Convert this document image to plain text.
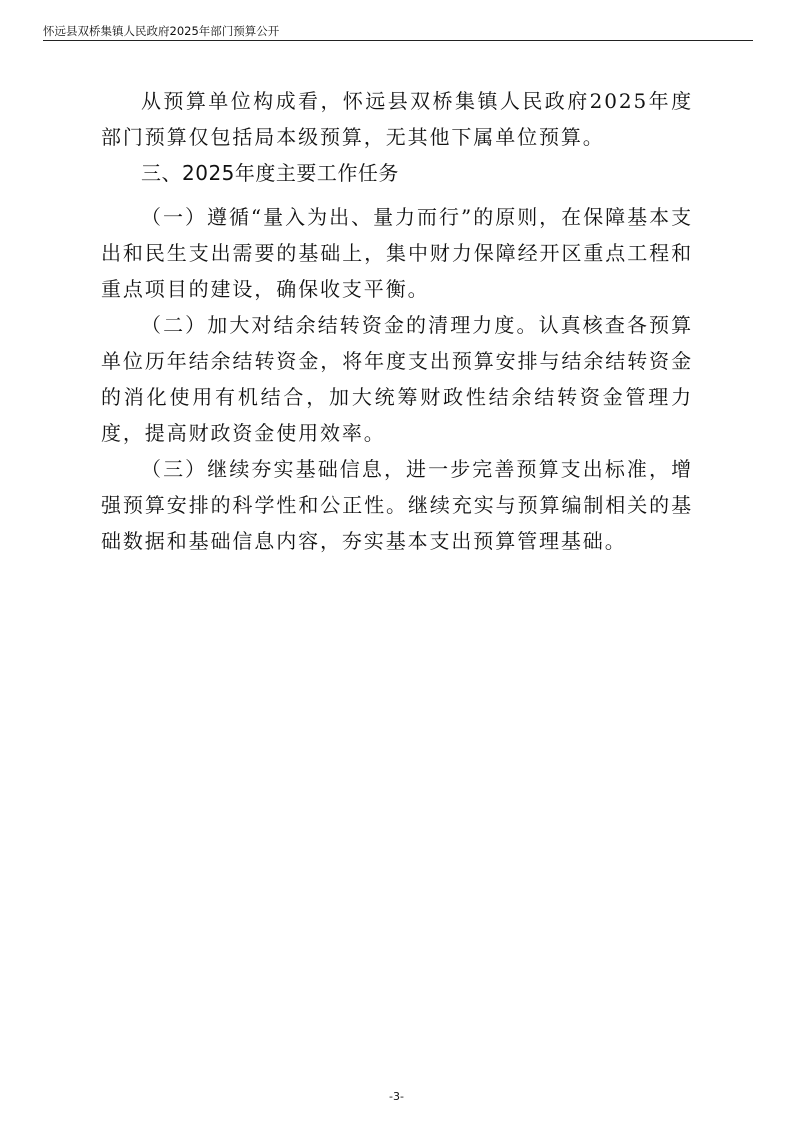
怀远县双桥集镇人民政府2025年部门预算公开

从预算单位构成看，怀远县双桥集镇人民政府2025年度部门预算仅包括局本级预算，无其他下属单位预算。

三、2025年度主要工作任务

（一）遵循“量入为出、量力而行”的原则，在保障基本支出和民生支出需要的基础上，集中财力保障经开区重点工程和重点项目的建设，确保收支平衡。

（二）加大对结余结转资金的清理力度。认真核查各预算单位历年结余结转资金，将年度支出预算安排与结余结转资金的消化使用有机结合，加大统筹财政性结余结转资金管理力度，提高财政资金使用效率。

（三）继续夯实基础信息，进一步完善预算支出标准，增强预算安排的科学性和公正性。继续充实与预算编制相关的基础数据和基础信息内容，夯实基本支出预算管理基础。

-3-
